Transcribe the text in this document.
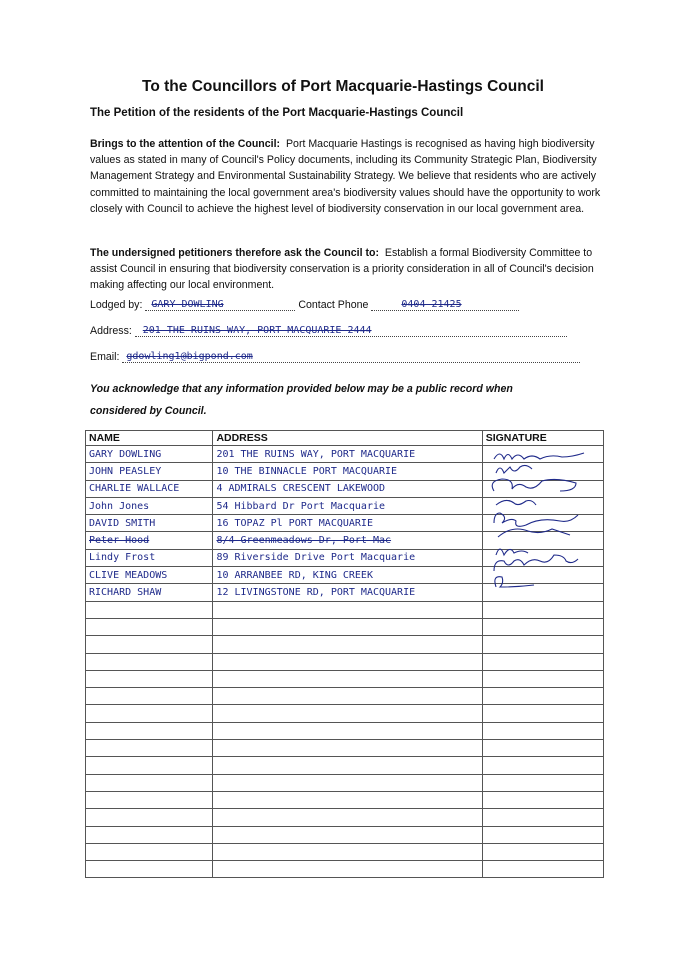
To the Councillors of Port Macquarie-Hastings Council
The Petition of the residents of the Port Macquarie-Hastings Council
Brings to the attention of the Council: Port Macquarie Hastings is recognised as having high biodiversity values as stated in many of Council's Policy documents, including its Community Strategic Plan, Biodiversity Management Strategy and Environmental Sustainability Strategy. We believe that residents who are actively committed to maintaining the local government area's biodiversity values should have the opportunity to work closely with Council to achieve the highest level of biodiversity conservation in our local government area.
The undersigned petitioners therefore ask the Council to: Establish a formal Biodiversity Committee to assist Council in ensuring that biodiversity conservation is a priority consideration in all of Council's decision making affecting our local environment.
Lodged by: GARY DOWLING	Contact Phone	0404 21425
Address: 201 THE RUINS WAY, PORT MACQUARIE 2444
Email: gdowling1@bigpond.com
You acknowledge that any information provided below may be a public record when
considered by Council.
NAME	ADDRESS	SIGNATURE
GARY DOWLING	201 THE RUINS WAY, PORT MACQUARIE	
JOHN PEASLEY	10 THE BINNACLE PORT MACQUARIE	
CHARLIE WALLACE	4 ADMIRALS CRESCENT LAKEWOOD	
John Jones	54 Hibbard Dr Port Macquarie	
DAVID SMITH	16 TOPAZ Pl PORT MACQUARIE	
Peter Hood	8/4 Greenmeadows Dr, Port Mac	
Lindy Frost	89 Riverside Drive Port Macquarie	
CLIVE MEADOWS	10 ARRANBEE RD, KING CREEK	
RICHARD SHAW	12 LIVINGSTONE RD, PORT MACQUARIE	
